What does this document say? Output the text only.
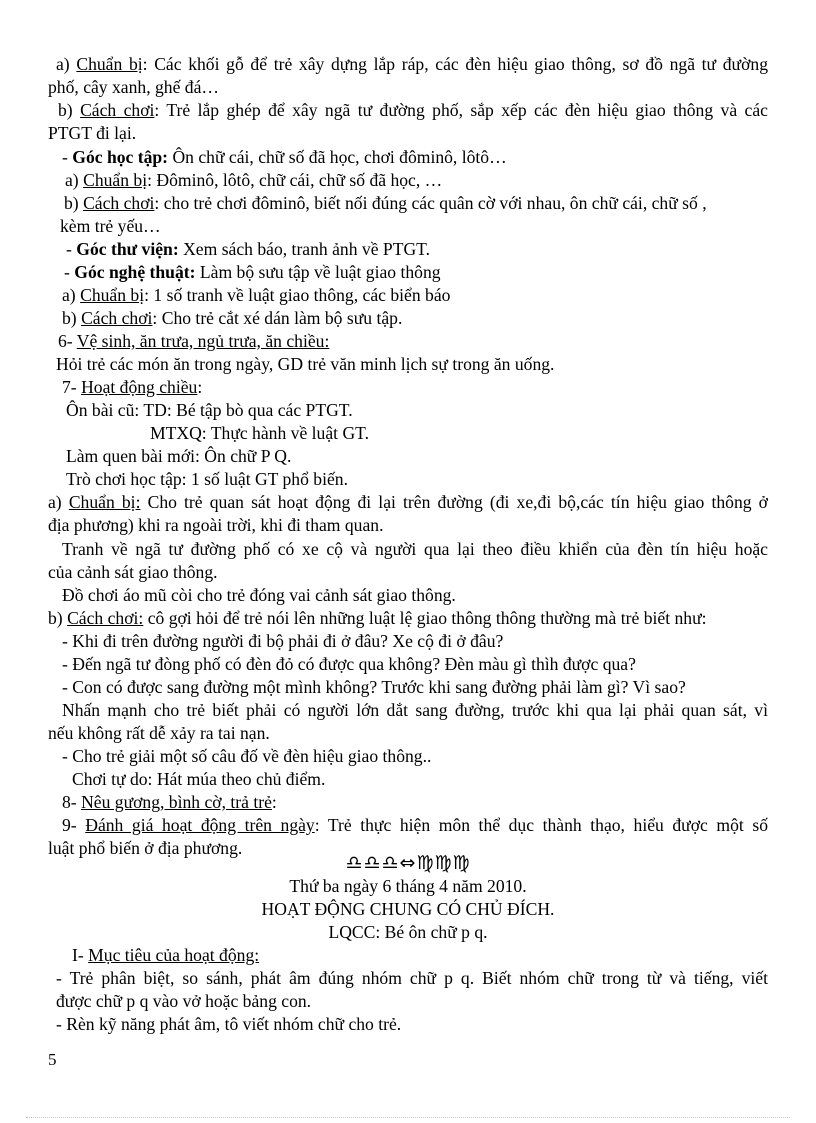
a) Chuẩn bị: Các khối gỗ để trẻ xây dựng lắp ráp, các đèn hiệu giao thông, sơ đồ ngã tư đường
phố, cây xanh, ghế đá…
b) Cách chơi: Trẻ lắp ghép để xây ngã tư đường phố, sắp xếp các đèn hiệu giao thông và các
PTGT đi lại.
- Góc học tập: Ôn chữ cái, chữ số đã học, chơi đôminô, lôtô…
a) Chuẩn bị: Đôminô, lôtô, chữ cái, chữ số đã học, …
b) Cách chơi: cho trẻ chơi đôminô, biết nối đúng các quân cờ với nhau, ôn chữ cái, chữ số ,
kèm trẻ yếu…
- Góc thư viện: Xem sách báo, tranh ảnh về PTGT.
- Góc nghệ thuật: Làm bộ sưu tập về luật giao thông
a) Chuẩn bị: 1 số tranh về luật giao thông, các biển báo
b) Cách chơi: Cho trẻ cắt xé dán làm bộ sưu tập.
6- Vệ sinh, ăn trưa, ngủ trưa, ăn chiều:
Hỏi trẻ các món ăn trong ngày, GD trẻ văn minh lịch sự trong ăn uống.
7- Hoạt động chiều:
Ôn bài cũ: TD: Bé tập bò qua các PTGT.
MTXQ: Thực hành về luật GT.
Làm quen bài mới: Ôn chữ P Q.
Trò chơi học tập: 1 số luật GT phổ biến.
a) Chuẩn bị: Cho trẻ quan sát hoạt động đi lại trên đường (đi xe,đi bộ,các tín hiệu giao thông ở
địa phương) khi ra ngoài trời, khi đi tham quan.
Tranh về ngã tư đường phố có xe cộ và người qua lại theo điều khiển của đèn tín hiệu hoặc
của cảnh sát giao thông.
Đồ chơi áo mũ còi cho trẻ đóng vai cảnh sát giao thông.
b) Cách chơi: cô gợi hỏi để trẻ nói lên những luật lệ giao thông thông thường mà trẻ biết như:
- Khi đi trên đường người đi bộ phải đi ở đâu? Xe cộ đi ở đâu?
- Đến ngã tư đòng phố có đèn đỏ có được qua không? Đèn màu gì thìh được qua?
- Con có được sang đường một mình không? Trước khi sang đường phải làm gì? Vì sao?
Nhấn mạnh cho trẻ biết phải có người lớn dắt sang đường, trước khi qua lại phải quan sát, vì
nếu không rất dễ xảy ra tai nạn.
- Cho trẻ giải một số câu đố về đèn hiệu giao thông..
Chơi tự do: Hát múa theo chủ điểm.
8- Nêu gương, bình cờ, trả trẻ:
9- Đánh giá hoạt động trên ngày: Trẻ thực hiện môn thể dục thành thạo, hiểu được một số
luật phổ biến ở địa phương.
♎♎♎⇔♍♍♍
Thứ ba ngày 6 tháng 4 năm 2010.
HOẠT ĐỘNG CHUNG CÓ CHỦ ĐÍCH.
LQCC: Bé ôn chữ p q.
I- Mục tiêu của hoạt động:
- Trẻ phân biệt, so sánh, phát âm đúng nhóm chữ p q. Biết nhóm chữ trong từ và tiếng, viết
được chữ p q vào vở hoặc bảng con.
- Rèn kỹ năng phát âm, tô viết nhóm chữ cho trẻ.
5
